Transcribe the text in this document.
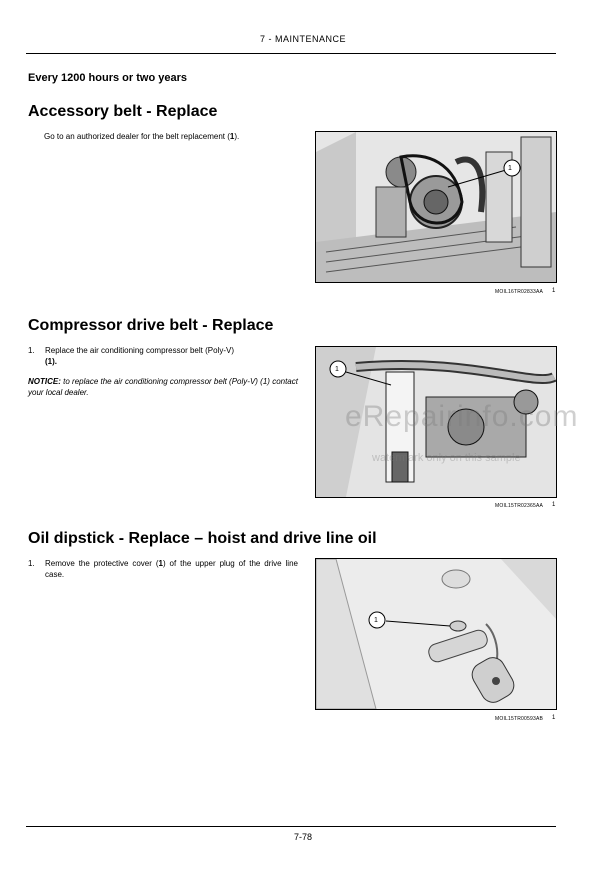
7 - MAINTENANCE
Every 1200 hours or two years
Accessory belt - Replace
Go to an authorized dealer for the belt replacement (1).
1
MOIL16TR02833AA 1
Compressor drive belt - Replace
1. Replace the air conditioning compressor belt (Poly-V)
(1).
NOTICE: to replace the air conditioning compressor belt (Poly-V) (1) contact your local dealer.
1
MOIL15TR02365AA 1
eRepairinfo.com
watermark only on this sample
Oil dipstick - Replace – hoist and drive line oil
1. Remove the protective cover (1) of the upper plug of the drive line case.
1
MOIL15TR00593AB 1
7-78
